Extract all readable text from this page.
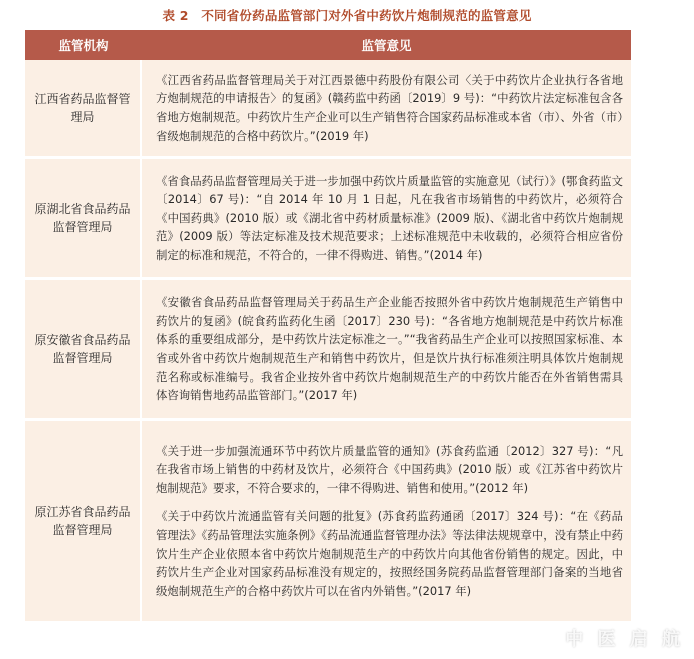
表 2　不同省份药品监管部门对外省中药饮片炮制规范的监管意见
监管机构	监管意见
江西省药品监督管理局

《江西省药品监督管理局关于对江西景德中药股份有限公司〈关于中药饮片企业执行各省地方炮制规范的申请报告〉的复函》(赣药监中药函〔2019〕9 号)：“中药饮片法定标准包含各省地方炮制规范。中药饮片生产企业可以生产销售符合国家药品标准或本省（市）、外省（市）省级炮制规范的合格中药饮片。”(2019 年)

原湖北省食品药品监督管理局

《省食品药品监督管理局关于进一步加强中药饮片质量监管的实施意见（试行）》(鄂食药监文〔2014〕67 号)：“自 2014 年 10 月 1 日起，凡在我省市场销售的中药饮片，必须符合《中国药典》(2010 版）或《湖北省中药材质量标准》(2009 版)、《湖北省中药饮片炮制规范》(2009 版）等法定标准及技术规范要求；上述标准规范中未收载的，必须符合相应省份制定的标准和规范，不符合的，一律不得购进、销售。”(2014 年)

原安徽省食品药品监督管理局

《安徽省食品药品监督管理局关于药品生产企业能否按照外省中药饮片炮制规范生产销售中药饮片的复函》(皖食药监药化生函〔2017〕230 号)：“各省地方炮制规范是中药饮片标准体系的重要组成部分，是中药饮片法定标准之一。”“我省药品生产企业可以按照国家标准、本省或外省中药饮片炮制规范生产和销售中药饮片，但是饮片执行标准须注明具体饮片炮制规范名称或标准编号。我省企业按外省中药饮片炮制规范生产的中药饮片能否在外省销售需具体咨询销售地药品监管部门。”(2017 年)

原江苏省食品药品监督管理局

《关于进一步加强流通环节中药饮片质量监管的通知》(苏食药监通〔2012〕327 号)：“凡在我省市场上销售的中药材及饮片，必须符合《中国药典》(2010 版）或《江苏省中药饮片炮制规范》要求，不符合要求的，一律不得购进、销售和使用。”(2012 年)

《关于中药饮片流通监管有关问题的批复》(苏食药监药通函〔2017〕324 号)：“在《药品管理法》《药品管理法实施条例》《药品流通监督管理办法》等法律法规规章中，没有禁止中药饮片生产企业依照本省中药饮片炮制规范生产的中药饮片向其他省份销售的规定。因此，中药饮片生产企业对国家药品标准没有规定的，按照经国务院药品监督管理部门备案的当地省级炮制规范生产的合格中药饮片可以在省内外销售。”(2017 年)

中 医 启 航
